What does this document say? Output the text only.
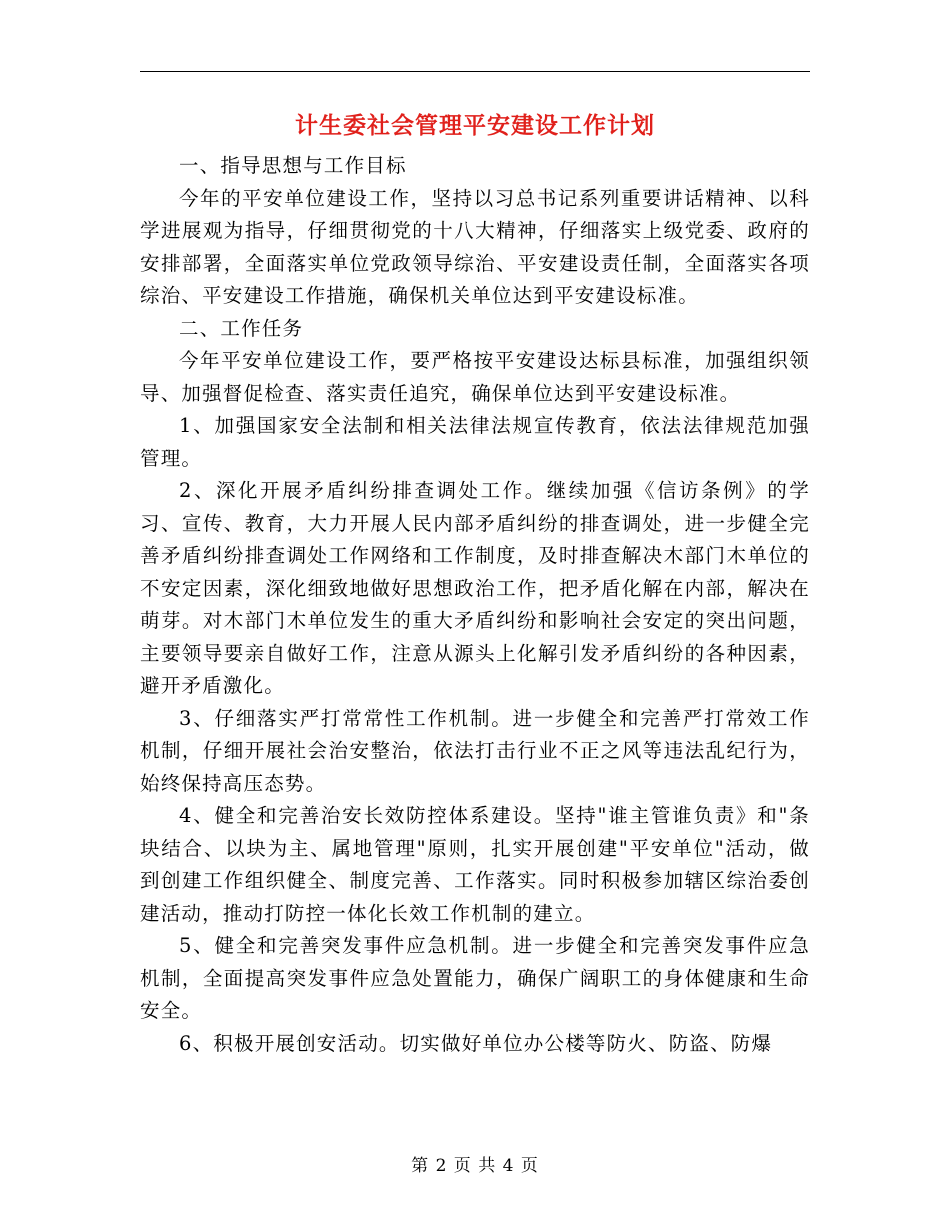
计生委社会管理平安建设工作计划

一、指导思想与工作目标

今年的平安单位建设工作，坚持以习总书记系列重要讲话精神、以科学进展观为指导，仔细贯彻党的十八大精神，仔细落实上级党委、政府的安排部署，全面落实单位党政领导综治、平安建设责任制，全面落实各项综治、平安建设工作措施，确保机关单位达到平安建设标准。

二、工作任务

今年平安单位建设工作，要严格按平安建设达标县标准，加强组织领导、加强督促检查、落实责任追究，确保单位达到平安建设标准。

1、加强国家安全法制和相关法律法规宣传教育，依法法律规范加强管理。

2、深化开展矛盾纠纷排查调处工作。继续加强《信访条例》的学习、宣传、教育，大力开展人民内部矛盾纠纷的排查调处，进一步健全完善矛盾纠纷排查调处工作网络和工作制度，及时排查解决木部门木单位的不安定因素，深化细致地做好思想政治工作，把矛盾化解在内部，解决在萌芽。对木部门木单位发生的重大矛盾纠纷和影响社会安定的突出问题，主要领导要亲自做好工作，注意从源头上化解引发矛盾纠纷的各种因素，避开矛盾激化。

3、仔细落实严打常常性工作机制。进一步健全和完善严打常效工作机制，仔细开展社会治安整治，依法打击行业不正之风等违法乱纪行为，始终保持高压态势。

4、健全和完善治安长效防控体系建设。坚持"谁主管谁负责》和"条块结合、以块为主、属地管理"原则，扎实开展创建"平安单位"活动，做到创建工作组织健全、制度完善、工作落实。同时积极参加辖区综治委创建活动，推动打防控一体化长效工作机制的建立。

5、健全和完善突发事件应急机制。进一步健全和完善突发事件应急机制，全面提高突发事件应急处置能力，确保广阔职工的身体健康和生命安全。

6、积极开展创安活动。切实做好单位办公楼等防火、防盗、防爆

第 2 页 共 4 页
